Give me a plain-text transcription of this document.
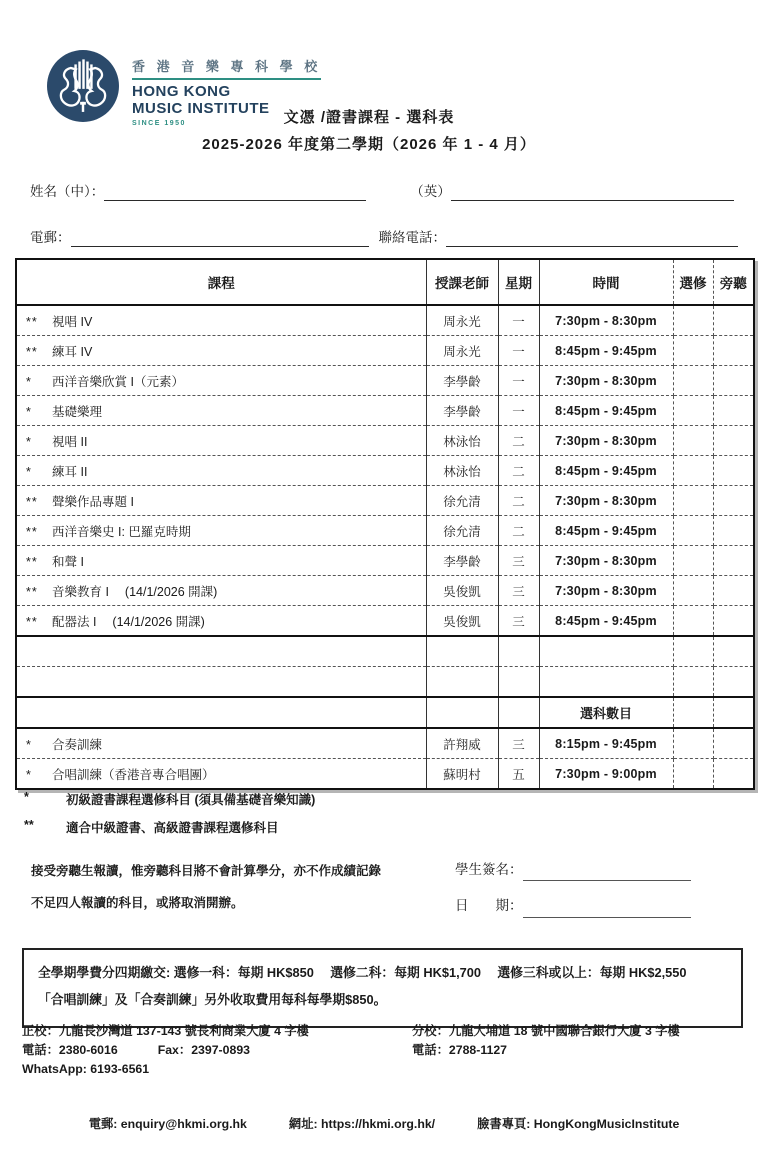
香 港 音 樂 專 科 學 校
HONG KONG
MUSIC INSTITUTE
SINCE 1950	文憑 /證書課程 - 選科表
2025-2026 年度第二學期（2026 年 1 - 4 月）
姓名（中）：	（英）
電郵：	聯絡電話：
課程	授課老師	星期	時間	選修	旁聽
** 視唱 IV	周永光	一	7:30pm - 8:30pm		
** 練耳 IV	周永光	一	8:45pm - 9:45pm		
* 西洋音樂欣賞 I（元素）	李學齡	一	7:30pm - 8:30pm		
* 基礎樂理	李學齡	一	8:45pm - 9:45pm		
* 視唱 II	林泳怡	二	7:30pm - 8:30pm		
* 練耳 II	林泳怡	二	8:45pm - 9:45pm		
** 聲樂作品專題 I	徐允清	二	7:30pm - 8:30pm		
** 西洋音樂史 I: 巴羅克時期	徐允清	二	8:45pm - 9:45pm		
** 和聲 I	李學齡	三	7:30pm - 8:30pm		
** 音樂教育 I　 (14/1/2026 開課)	吳俊凱	三	7:30pm - 8:30pm		
** 配器法 I　 (14/1/2026 開課)	吳俊凱	三	8:45pm - 9:45pm		

			選科數目		
* 合奏訓練	許翔威	三	8:15pm - 9:45pm		
* 合唱訓練（香港音專合唱團）	蘇明村	五	7:30pm - 9:00pm		
*	初級證書課程選修科目 (須具備基礎音樂知識)
**	適合中級證書、高級證書課程選修科目
接受旁聽生報讀，惟旁聽科目將不會計算學分，亦不作成績記錄
不足四人報讀的科目，或將取消開辦。
學生簽名：
日　　期：
全學期學費分四期繳交: 選修一科：每期 HK$850　 選修二科：每期 HK$1,700　 選修三科或以上：每期 HK$2,550
「合唱訓練」及「合奏訓練」另外收取費用每科每學期$850。
正校：九龍長沙灣道 137-143 號長利商業大廈 4 字樓
電話：2380-6016	Fax：2397-0893
WhatsApp: 6193-6561
分校：九龍大埔道 18 號中國聯合銀行大廈 3 字樓
電話：2788-1127
電郵: enquiry@hkmi.org.hk	網址: https://hkmi.org.hk/	臉書專頁: HongKongMusicInstitute
